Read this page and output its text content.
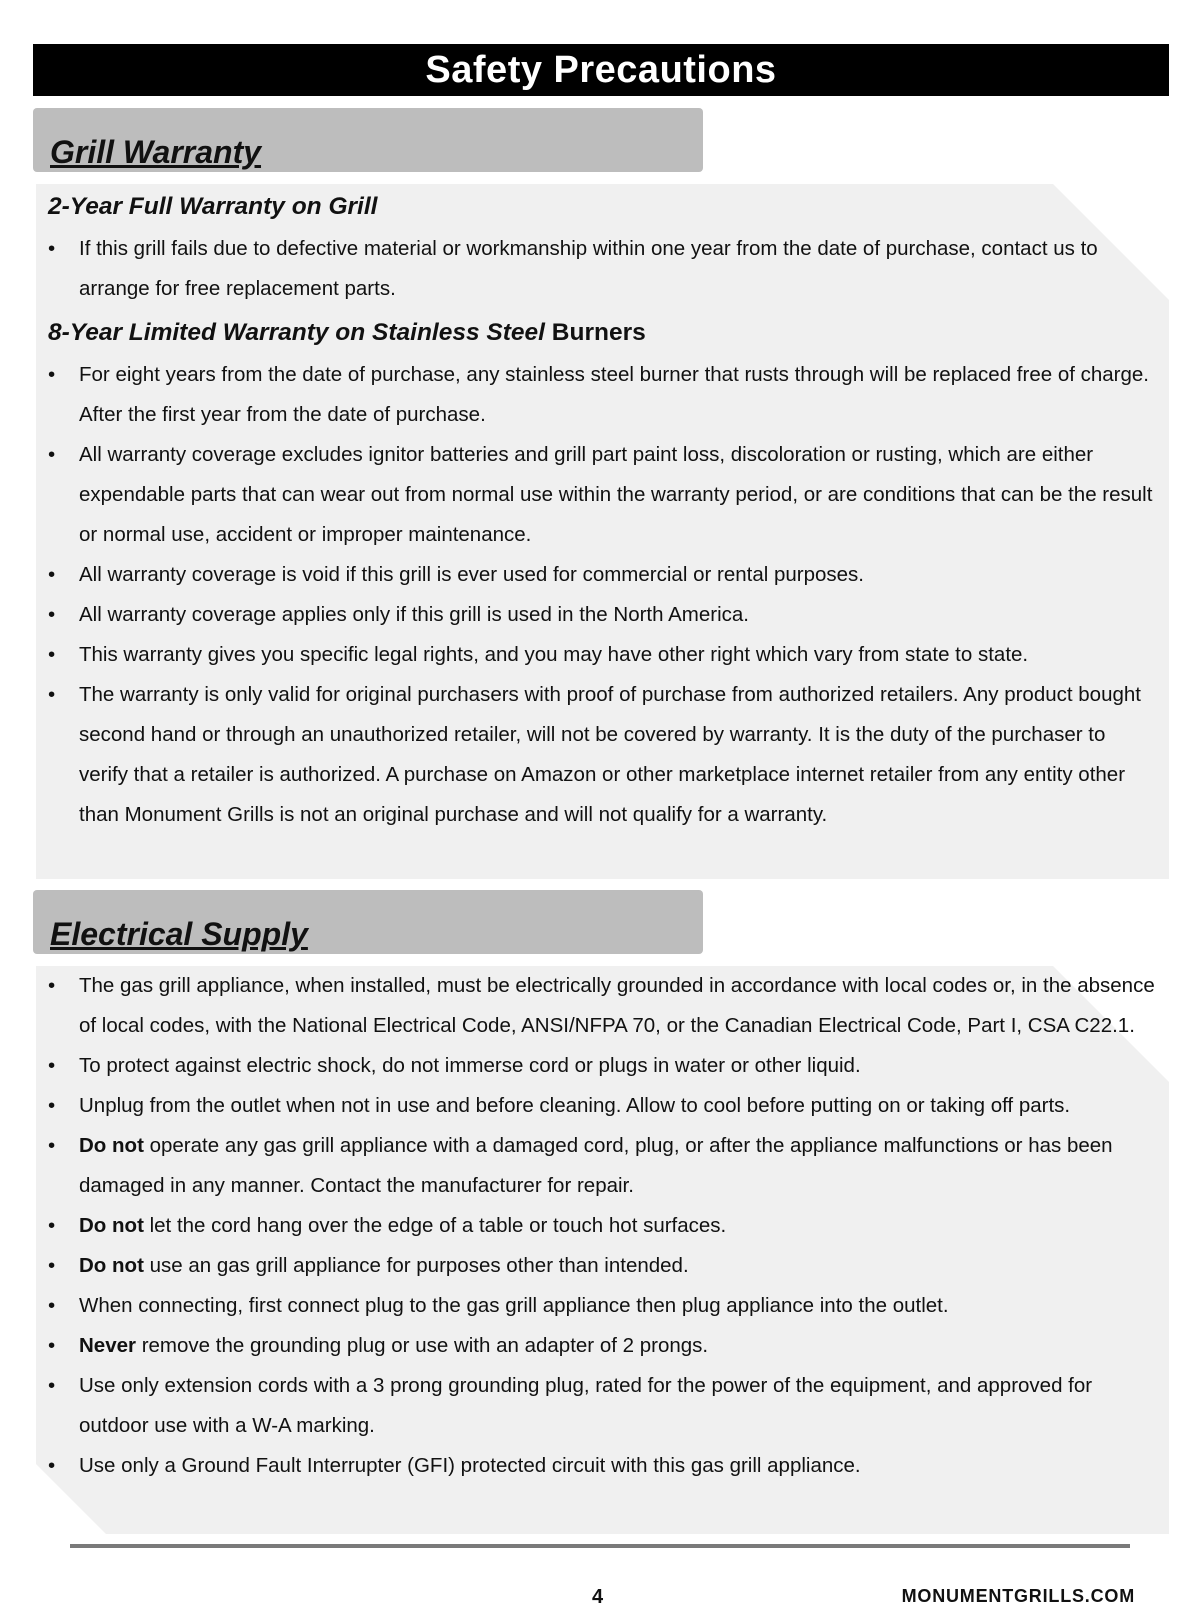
Safety Precautions
Grill Warranty
2-Year Full Warranty on Grill
• If this grill fails due to defective material or workmanship within one year from the date of purchase, contact us to arrange for free replacement parts.
8-Year Limited Warranty on Stainless Steel Burners
• For eight years from the date of purchase, any stainless steel burner that rusts through will be replaced free of charge. After the first year from the date of purchase.
• All warranty coverage excludes ignitor batteries and grill part paint loss, discoloration or rusting, which are either expendable parts that can wear out from normal use within the warranty period, or are conditions that can be the result or normal use, accident or improper maintenance.
• All warranty coverage is void if this grill is ever used for commercial or rental purposes.
• All warranty coverage applies only if this grill is used in the North America.
• This warranty gives you specific legal rights, and you may have other right which vary from state to state.
• The warranty is only valid for original purchasers with proof of purchase from authorized retailers. Any product bought second hand or through an unauthorized retailer, will not be covered by warranty. It is the duty of the purchaser to verify that a retailer is authorized. A purchase on Amazon or other marketplace internet retailer from any entity other than Monument Grills is not an original purchase and will not qualify for a warranty.
Electrical Supply
• The gas grill appliance, when installed, must be electrically grounded in accordance with local codes or, in the absence of local codes, with the National Electrical Code, ANSI/NFPA 70, or the Canadian Electrical Code, Part I, CSA C22.1.
• To protect against electric shock, do not immerse cord or plugs in water or other liquid.
• Unplug from the outlet when not in use and before cleaning. Allow to cool before putting on or taking off parts.
• Do not operate any gas grill appliance with a damaged cord, plug, or after the appliance malfunctions or has been damaged in any manner. Contact the manufacturer for repair.
• Do not let the cord hang over the edge of a table or touch hot surfaces.
• Do not use an gas grill appliance for purposes other than intended.
• When connecting, first connect plug to the gas grill appliance then plug appliance into the outlet.
• Never remove the grounding plug or use with an adapter of 2 prongs.
• Use only extension cords with a 3 prong grounding plug, rated for the power of the equipment, and approved for outdoor use with a W-A marking.
• Use only a Ground Fault Interrupter (GFI) protected circuit with this gas grill appliance.
4	MONUMENTGRILLS.COM
